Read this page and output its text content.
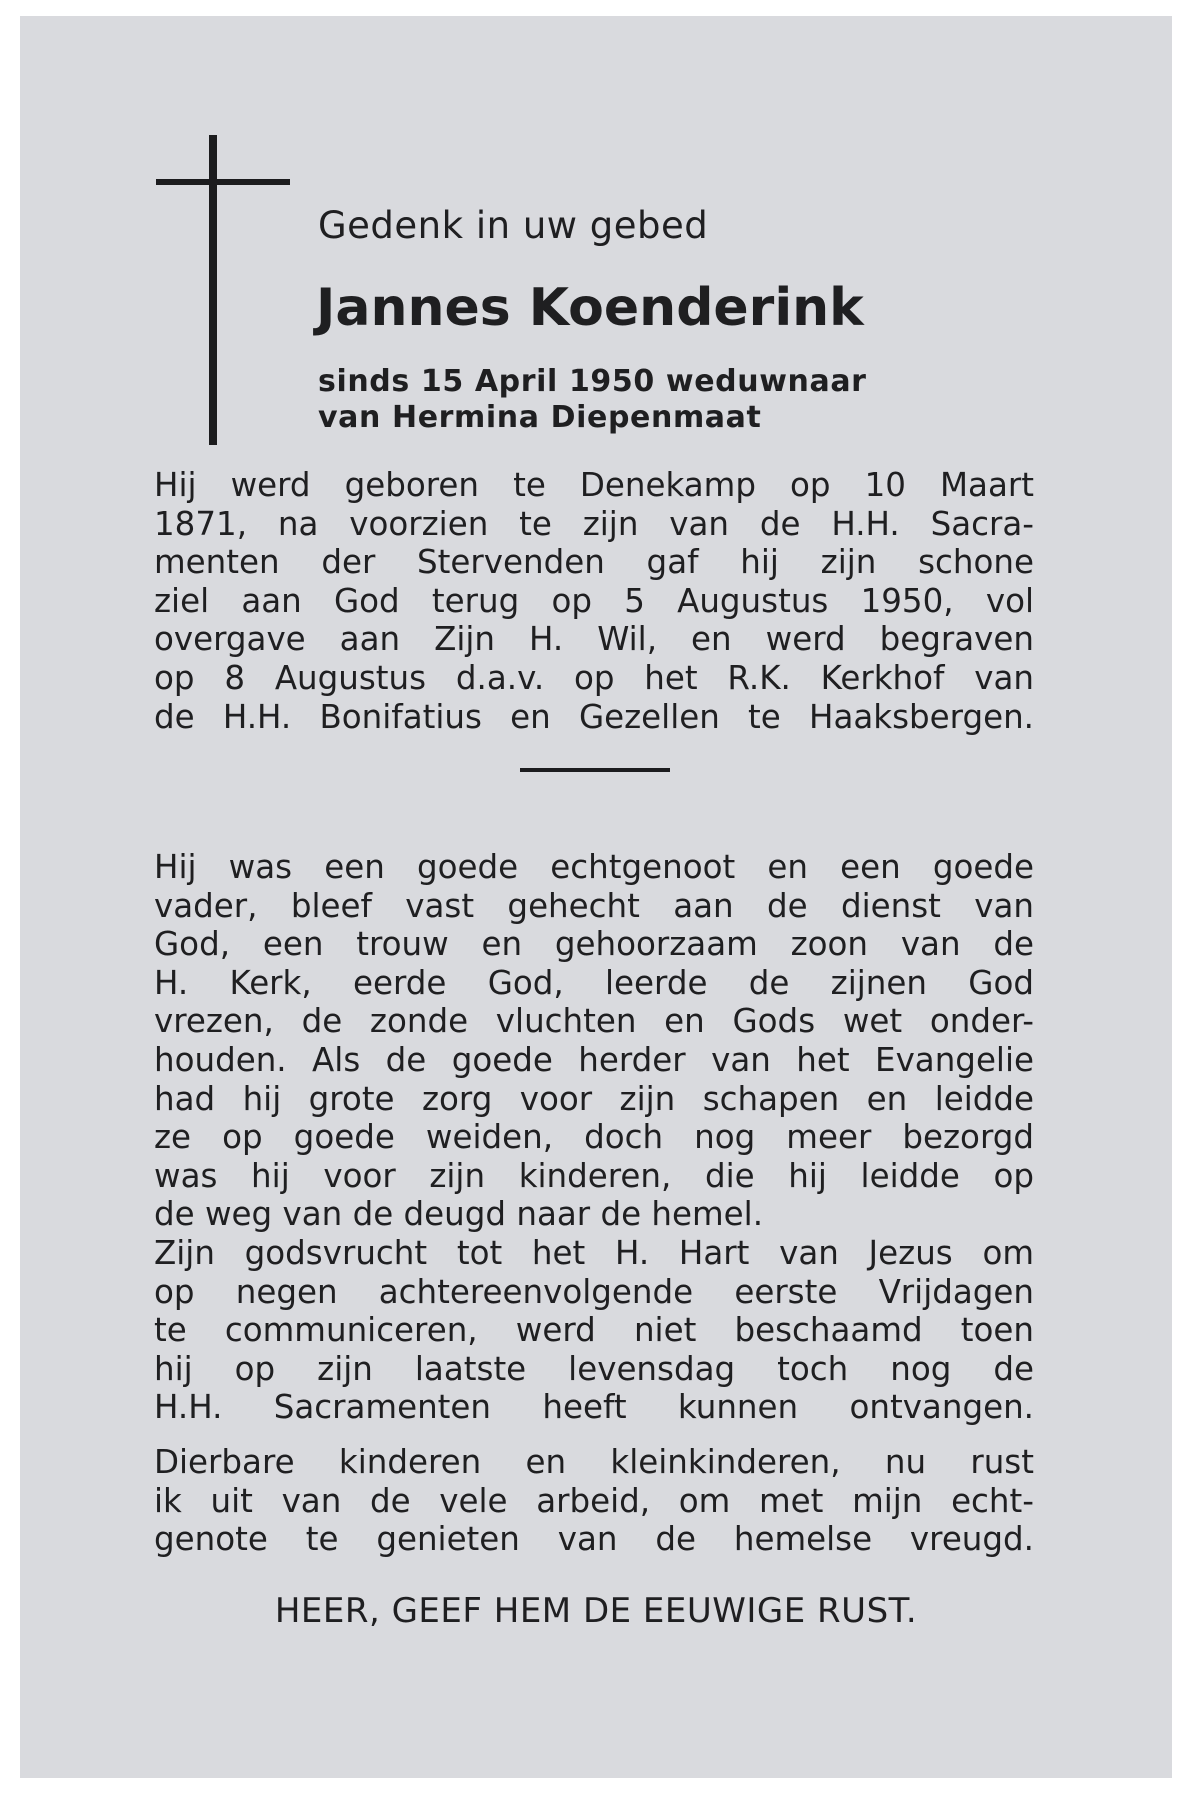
Gedenk in uw gebed
Jannes Koenderink
sinds 15 April 1950 weduwnaar
van Hermina Diepenmaat
Hij werd geboren te Denekamp op 10 Maart
1871, na voorzien te zijn van de H.H. Sacra-
menten der Stervenden gaf hij zijn schone
ziel aan God terug op 5 Augustus 1950, vol
overgave aan Zijn H. Wil, en werd begraven
op 8 Augustus d.a.v. op het R.K. Kerkhof van
de H.H. Bonifatius en Gezellen te Haaksbergen.
Hij was een goede echtgenoot en een goede
vader, bleef vast gehecht aan de dienst van
God, een trouw en gehoorzaam zoon van de
H. Kerk, eerde God, leerde de zijnen God
vrezen, de zonde vluchten en Gods wet onder-
houden. Als de goede herder van het Evangelie
had hij grote zorg voor zijn schapen en leidde
ze op goede weiden, doch nog meer bezorgd
was hij voor zijn kinderen, die hij leidde op
de weg van de deugd naar de hemel.
Zijn godsvrucht tot het H. Hart van Jezus om
op negen achtereenvolgende eerste Vrijdagen
te communiceren, werd niet beschaamd toen
hij op zijn laatste levensdag toch nog de
H.H. Sacramenten heeft kunnen ontvangen.
Dierbare kinderen en kleinkinderen, nu rust
ik uit van de vele arbeid, om met mijn echt-
genote te genieten van de hemelse vreugd.
HEER, GEEF HEM DE EEUWIGE RUST.
